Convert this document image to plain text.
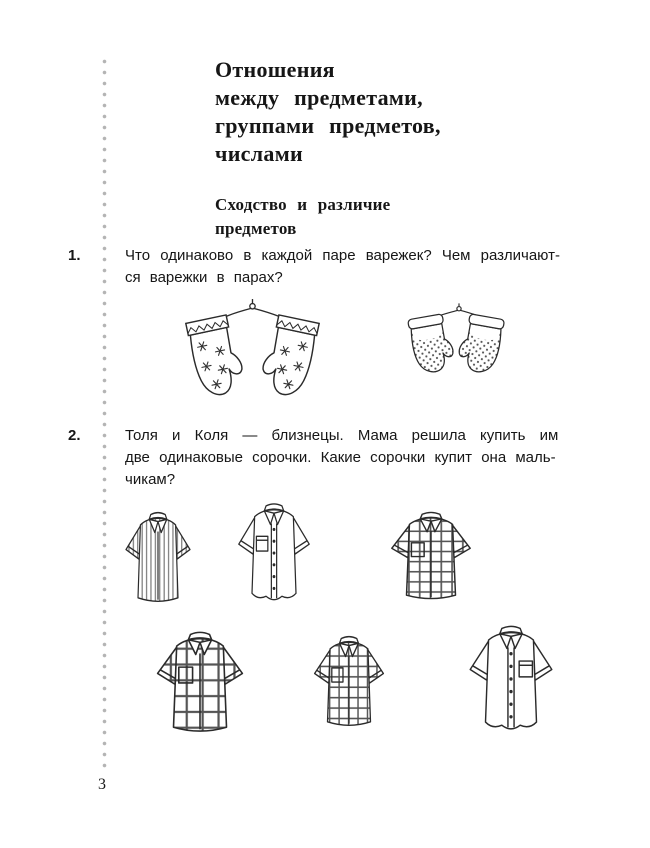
Отношения
между предметами,
группами предметов,
числами
Сходство и различие
предметов
1.	Что одинаково в каждой паре варежек? Чем различают-
ся варежки в парах?
2.	Толя и Коля — близнецы. Мама решила купить им
две одинаковые сорочки. Какие сорочки купит она маль-
чикам?
3
